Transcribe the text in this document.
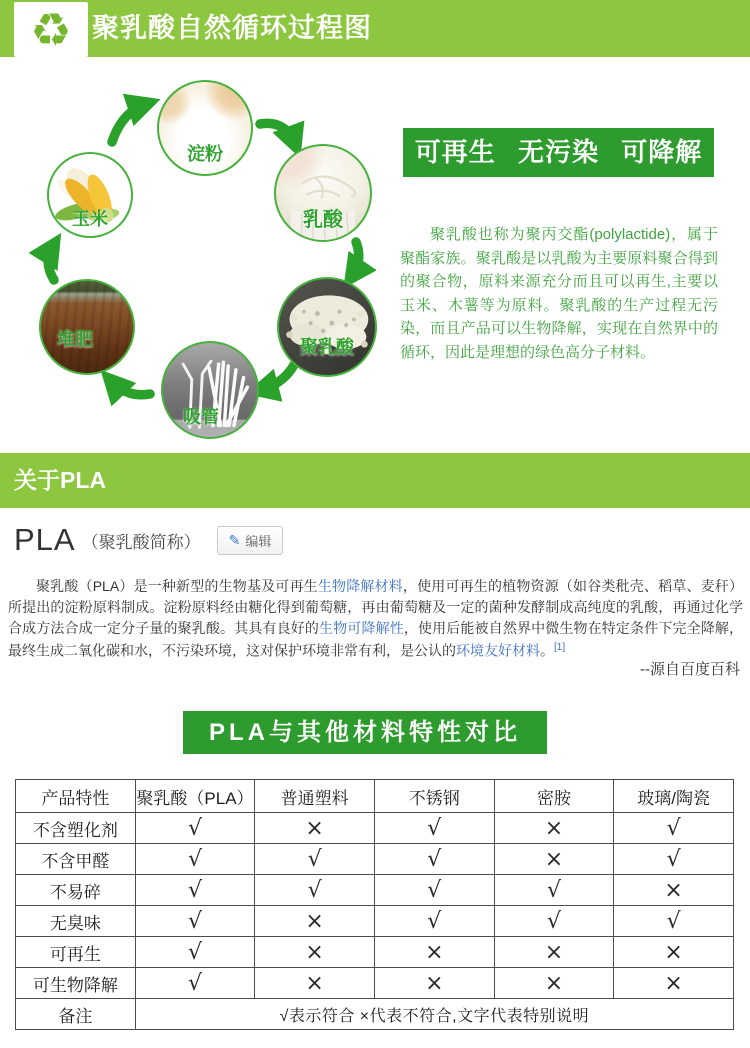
♻ 聚乳酸自然循环过程图
玉米
淀粉
乳酸
聚乳酸
吸管
堆肥
可再生 无污染 可降解

聚乳酸也称为聚丙交酯(polylactide)，属于聚酯家族。聚乳酸是以乳酸为主要原料聚合得到的聚合物，原料来源充分而且可以再生,主要以玉米、木薯等为原料。聚乳酸的生产过程无污染，而且产品可以生物降解，实现在自然界中的循环，因此是理想的绿色高分子材料。

关于PLA
PLA （聚乳酸简称） ✎ 编辑

聚乳酸（PLA）是一种新型的生物基及可再生生物降解材料，使用可再生的植物资源（如谷类秕壳、稻草、麦秆）所提出的淀粉原料制成。淀粉原料经由糖化得到葡萄糖，再由葡萄糖及一定的菌种发酵制成高纯度的乳酸，再通过化学合成方法合成一定分子量的聚乳酸。其具有良好的生物可降解性，使用后能被自然界中微生物在特定条件下完全降解，最终生成二氧化碳和水，不污染环境，这对保护环境非常有利，是公认的环境友好材料。[1]

--源自百度百科
PLA与其他材料特性对比
产品特性	聚乳酸（PLA）	普通塑料	不锈钢	密胺	玻璃/陶瓷
不含塑化剂	√	×	√	×	√
不含甲醛	√	√	√	×	√
不易碎	√	√	√	√	×
无臭味	√	×	√	√	√
可再生	√	×	×	×	×
可生物降解	√	×	×	×	×
备注	√表示符合 ×代表不符合,文字代表特别说明				
